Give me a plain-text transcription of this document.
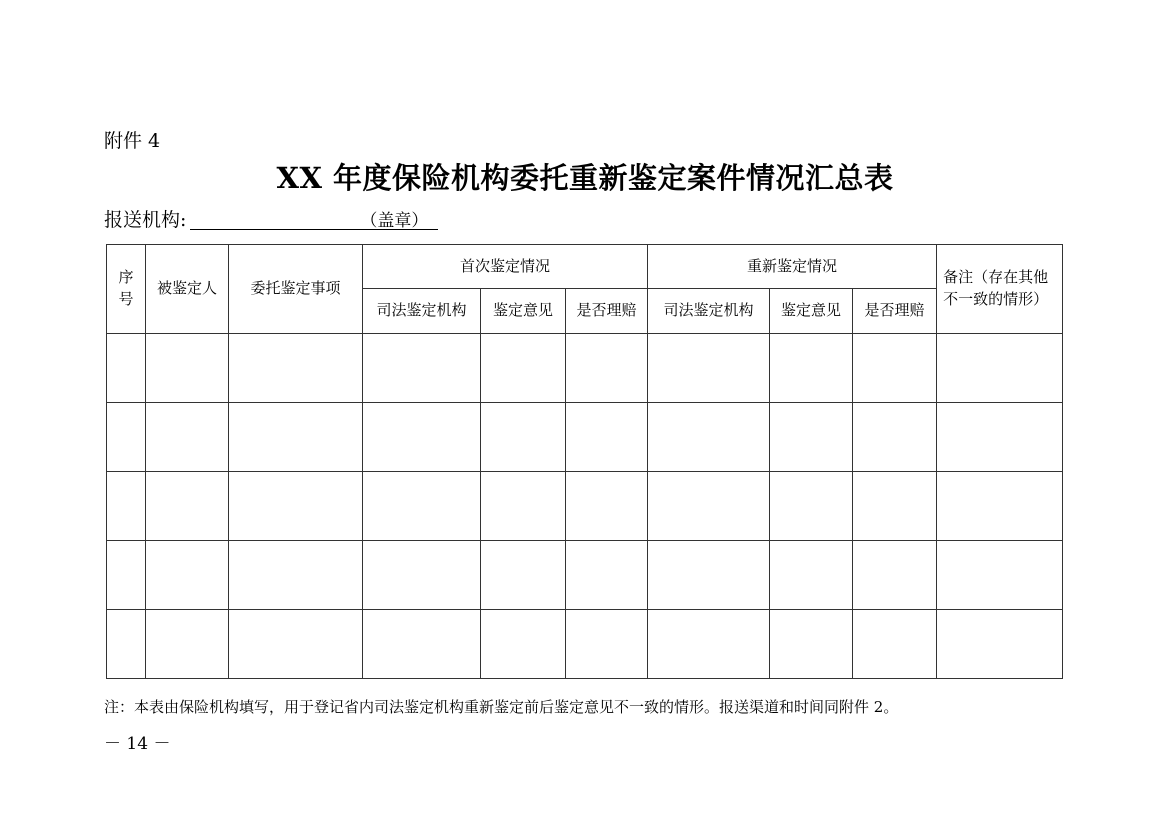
附件 4
XX 年度保险机构委托重新鉴定案件情况汇总表
报送机构:	（盖章）
序
号	被鉴定人	委托鉴定事项	首次鉴定情况			重新鉴定情况			备注（存在其他
不一致的情形）
			司法鉴定机构	鉴定意见	是否理赔	司法鉴定机构	鉴定意见	是否理赔	

注：本表由保险机构填写，用于登记省内司法鉴定机构重新鉴定前后鉴定意见不一致的情形。报送渠道和时间同附件 2。
－ 14 －
